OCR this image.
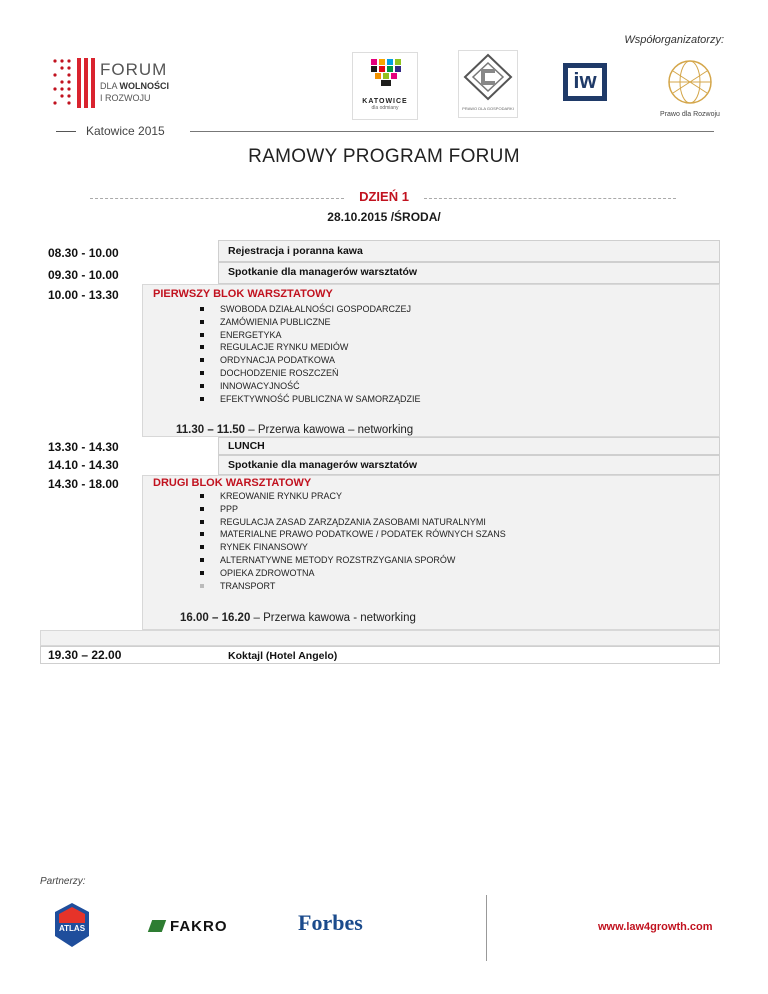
Współorganizatorzy:
FORUM
DLA WOLNOŚCI
I ROZWOJU	KATOWICE
dla odmiany	PRAWO DLA GOSPODARKI
iw
Prawo dla Rozwoju
Katowice 2015
RAMOWY PROGRAM FORUM
DZIEŃ 1
28.10.2015 /ŚRODA/
08.30 - 10.00	Rejestracja i poranna kawa
09.30 - 10.00	Spotkanie dla managerów warsztatów
10.00 - 13.30	PIERWSZY BLOK WARSZTATOWY
SWOBODA DZIAŁALNOŚCI GOSPODARCZEJ
ZAMÓWIENIA PUBLICZNE
ENERGETYKA
REGULACJE RYNKU MEDIÓW
ORDYNACJA PODATKOWA
DOCHODZENIE ROSZCZEŃ
INNOWACYJNOŚĆ
EFEKTYWNOŚĆ PUBLICZNA W SAMORZĄDZIE
11.30 – 11.50 – Przerwa kawowa – networking
13.30 - 14.30	LUNCH
14.10 - 14.30	Spotkanie dla managerów warsztatów
14.30 - 18.00	DRUGI BLOK WARSZTATOWY
KREOWANIE RYNKU PRACY
PPP
REGULACJA ZASAD ZARZĄDZANIA ZASOBAMI NATURALNYMI
MATERIALNE PRAWO PODATKOWE / PODATEK RÓWNYCH SZANS
RYNEK FINANSOWY
ALTERNATYWNE METODY ROZSTRZYGANIA SPORÓW
OPIEKA ZDROWOTNA
TRANSPORT
16.00 – 16.20 – Przerwa kawowa - networking
19.30 – 22.00	Koktajl (Hotel Angelo)
Partnerzy:
ATLAS	FAKRO	Forbes	www.law4growth.com
